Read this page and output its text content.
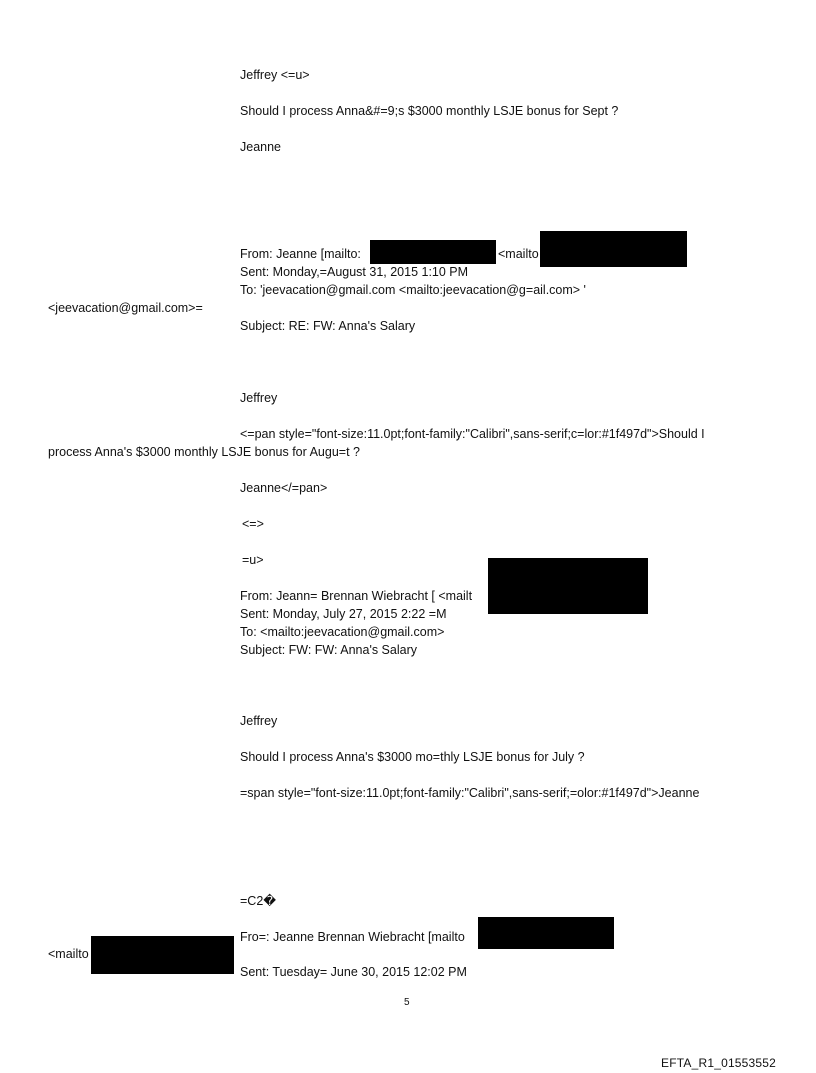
Jeffrey <=u>
Should I process Anna&#=9;s $3000 monthly LSJE bonus for Sept ?
Jeanne
From: Jeanne [mailto:	<mailto
Sent: Monday,=August 31, 2015 1:10 PM
To: 'jeevacation@gmail.com <mailto:jeevacation@g=ail.com> '
<jeevacation@gmail.com>=
Subject: RE: FW: Anna's Salary
Jeffrey
<=pan style="font-size:11.0pt;font-family:"Calibri",sans-serif;c=lor:#1f497d">Should I
process Anna's $3000 monthly LSJE bonus for Augu=t ?
Jeanne</=pan>
<=>
=u>
From: Jeann= Brennan Wiebracht [ <mailt
Sent: Monday, July 27, 2015 2:22 =M
To: <mailto:jeevacation@gmail.com>
Subject: FW: FW: Anna's Salary
Jeffrey
Should I process Anna's $3000 mo=thly LSJE bonus for July ?
=span style="font-size:11.0pt;font-family:"Calibri",sans-serif;=olor:#1f497d">Jeanne
=C2�
Fro=: Jeanne Brennan Wiebracht [mailto
<mailto
Sent: Tuesday= June 30, 2015 12:02 PM
5
EFTA_R1_01553552
